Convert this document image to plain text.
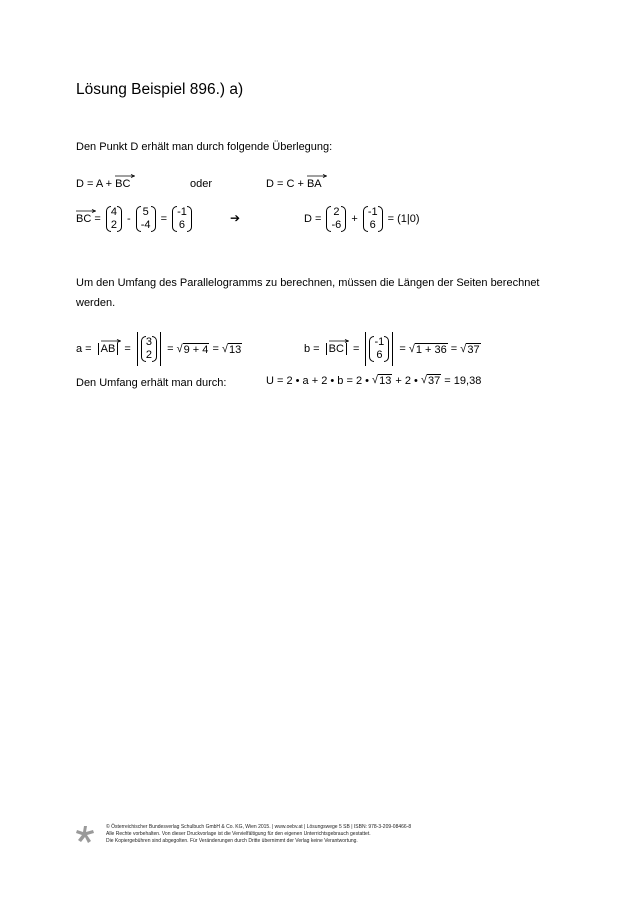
Lösung Beispiel 896.) a)
Den Punkt D erhält man durch folgende Überlegung:
D = A +
BC	oder	D = C +
BA
BC =
4
2 -
5
-4 =
-1
6	➔	D =
2
-6 +
-1
6 = (1|0)
Um den Umfang des Parallelogramms zu berechnen, müssen die Längen der Seiten berechnet
werden.
a = AB =
3
2 = √ 9 + 4 = √ 13	b = BC =
-1
6 = √ 1 + 36 = √ 37
Den Umfang erhält man durch:	U = 2 • a + 2 • b = 2 • √ 13 + 2 • √ 37 = 19,38
© Österreichischer Bundesverlag Schulbuch GmbH & Co. KG, Wien 2015. | www.oebv.at | Lösungswege 5 SB | ISBN: 978-3-209-08466-8
Alle Rechte vorbehalten. Von dieser Druckvorlage ist die Vervielfältigung für den eigenen Unterrichtsgebrauch gestattet.
Die Kopiergebühren sind abgegolten. Für Veränderungen durch Dritte übernimmt der Verlag keine Verantwortung.
